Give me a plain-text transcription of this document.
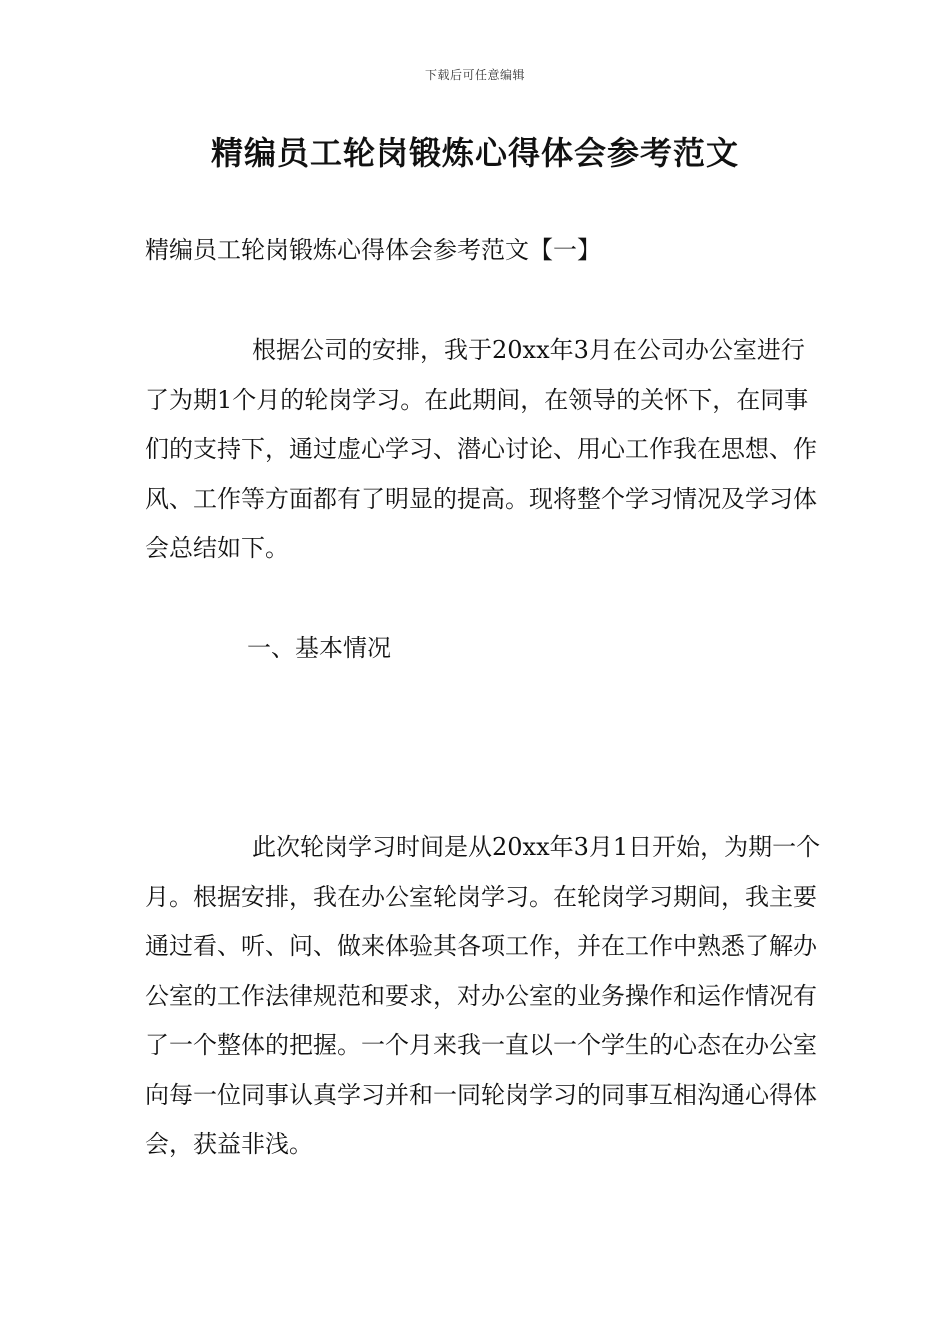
下载后可任意编辑
精编员工轮岗锻炼心得体会参考范文

精编员工轮岗锻炼心得体会参考范文【一】

根据公司的安排，我于20xx年3月在公司办公室进行了为期1个月的轮岗学习。在此期间，在领导的关怀下，在同事们的支持下，通过虚心学习、潜心讨论、用心工作我在思想、作风、工作等方面都有了明显的提高。现将整个学习情况及学习体会总结如下。

一、基本情况

此次轮岗学习时间是从20xx年3月1日开始，为期一个月。根据安排，我在办公室轮岗学习。在轮岗学习期间，我主要通过看、听、问、做来体验其各项工作，并在工作中熟悉了解办公室的工作法律规范和要求，对办公室的业务操作和运作情况有了一个整体的把握。一个月来我一直以一个学生的心态在办公室向每一位同事认真学习并和一同轮岗学习的同事互相沟通心得体会，获益非浅。
